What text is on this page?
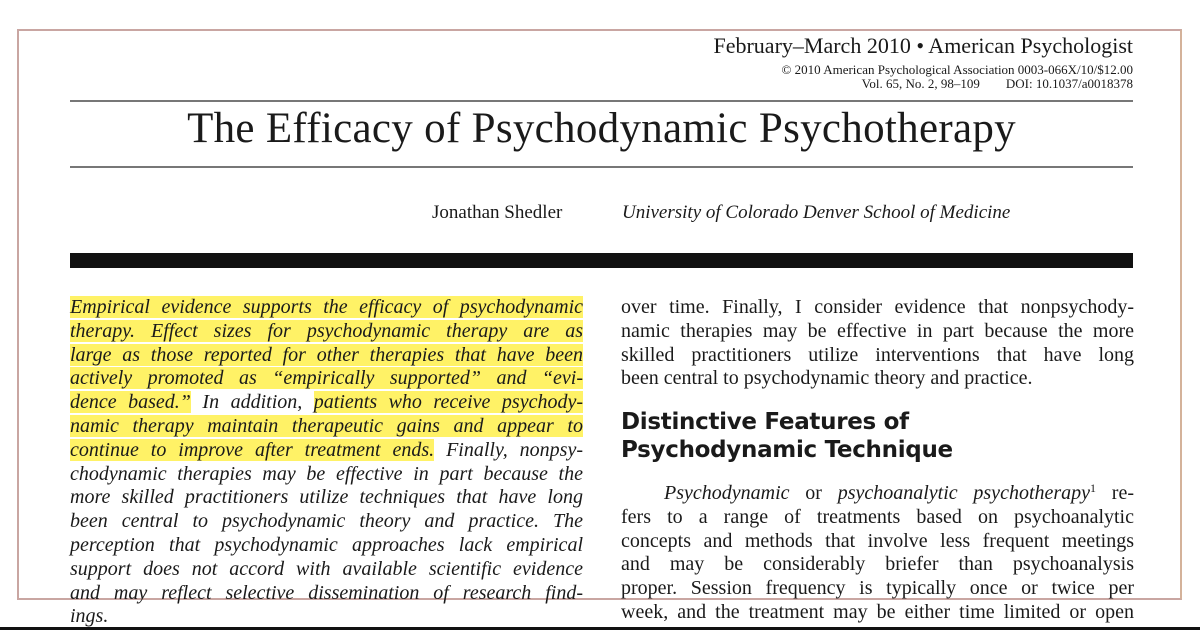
February–March 2010 • American Psychologist
© 2010 American Psychological Association 0003-066X/10/$12.00
Vol. 65, No. 2, 98–109 DOI: 10.1037/a0018378
The Efficacy of Psychodynamic Psychotherapy
Jonathan Shedler	University of Colorado Denver School of Medicine
Empirical evidence supports the efficacy of psychodynamic
therapy. Effect sizes for psychodynamic therapy are as
large as those reported for other therapies that have been
actively promoted as “empirically supported” and “evi-
dence based.” In addition, patients who receive psychody-
namic therapy maintain therapeutic gains and appear to
continue to improve after treatment ends. Finally, nonpsy-
chodynamic therapies may be effective in part because the
more skilled practitioners utilize techniques that have long
been central to psychodynamic theory and practice. The
perception that psychodynamic approaches lack empirical
support does not accord with available scientific evidence
and may reflect selective dissemination of research find-
ings.
over time. Finally, I consider evidence that nonpsychody-
namic therapies may be effective in part because the more
skilled practitioners utilize interventions that have long
been central to psychodynamic theory and practice.
Distinctive Features of
Psychodynamic Technique
Psychodynamic or psychoanalytic psychotherapy$^1$ re-
fers to a range of treatments based on psychoanalytic
concepts and methods that involve less frequent meetings
and may be considerably briefer than psychoanalysis
proper. Session frequency is typically once or twice per
week, and the treatment may be either time limited or open
